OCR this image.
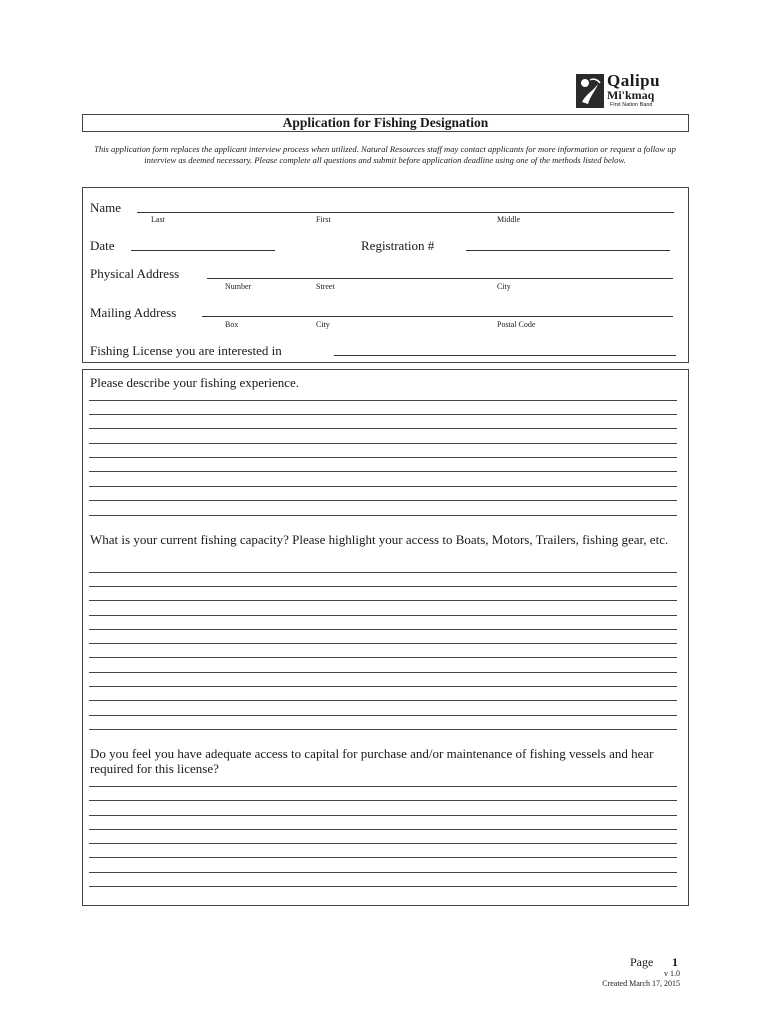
Qalipu
Mi'kmaq
First Nation Band
Application for Fishing Designation
This application form replaces the applicant interview process when utilized. Natural Resources staff may contact applicants for more information or request a follow up interview as deemed necessary. Please complete all questions and submit before application deadline using one of the methods listed below.
Name
Last	First	Middle
Date	Registration #
Physical Address
Number	Street	City
Mailing Address
Box	City	Postal Code
Fishing License you are interested in
Please describe your fishing experience.
What is your current fishing capacity? Please highlight your access to Boats, Motors, Trailers, fishing gear, etc.
Do you feel you have adequate access to capital for purchase and/or maintenance of fishing vessels and hear required for this license?
Page 1
v 1.0
Created March 17, 2015
